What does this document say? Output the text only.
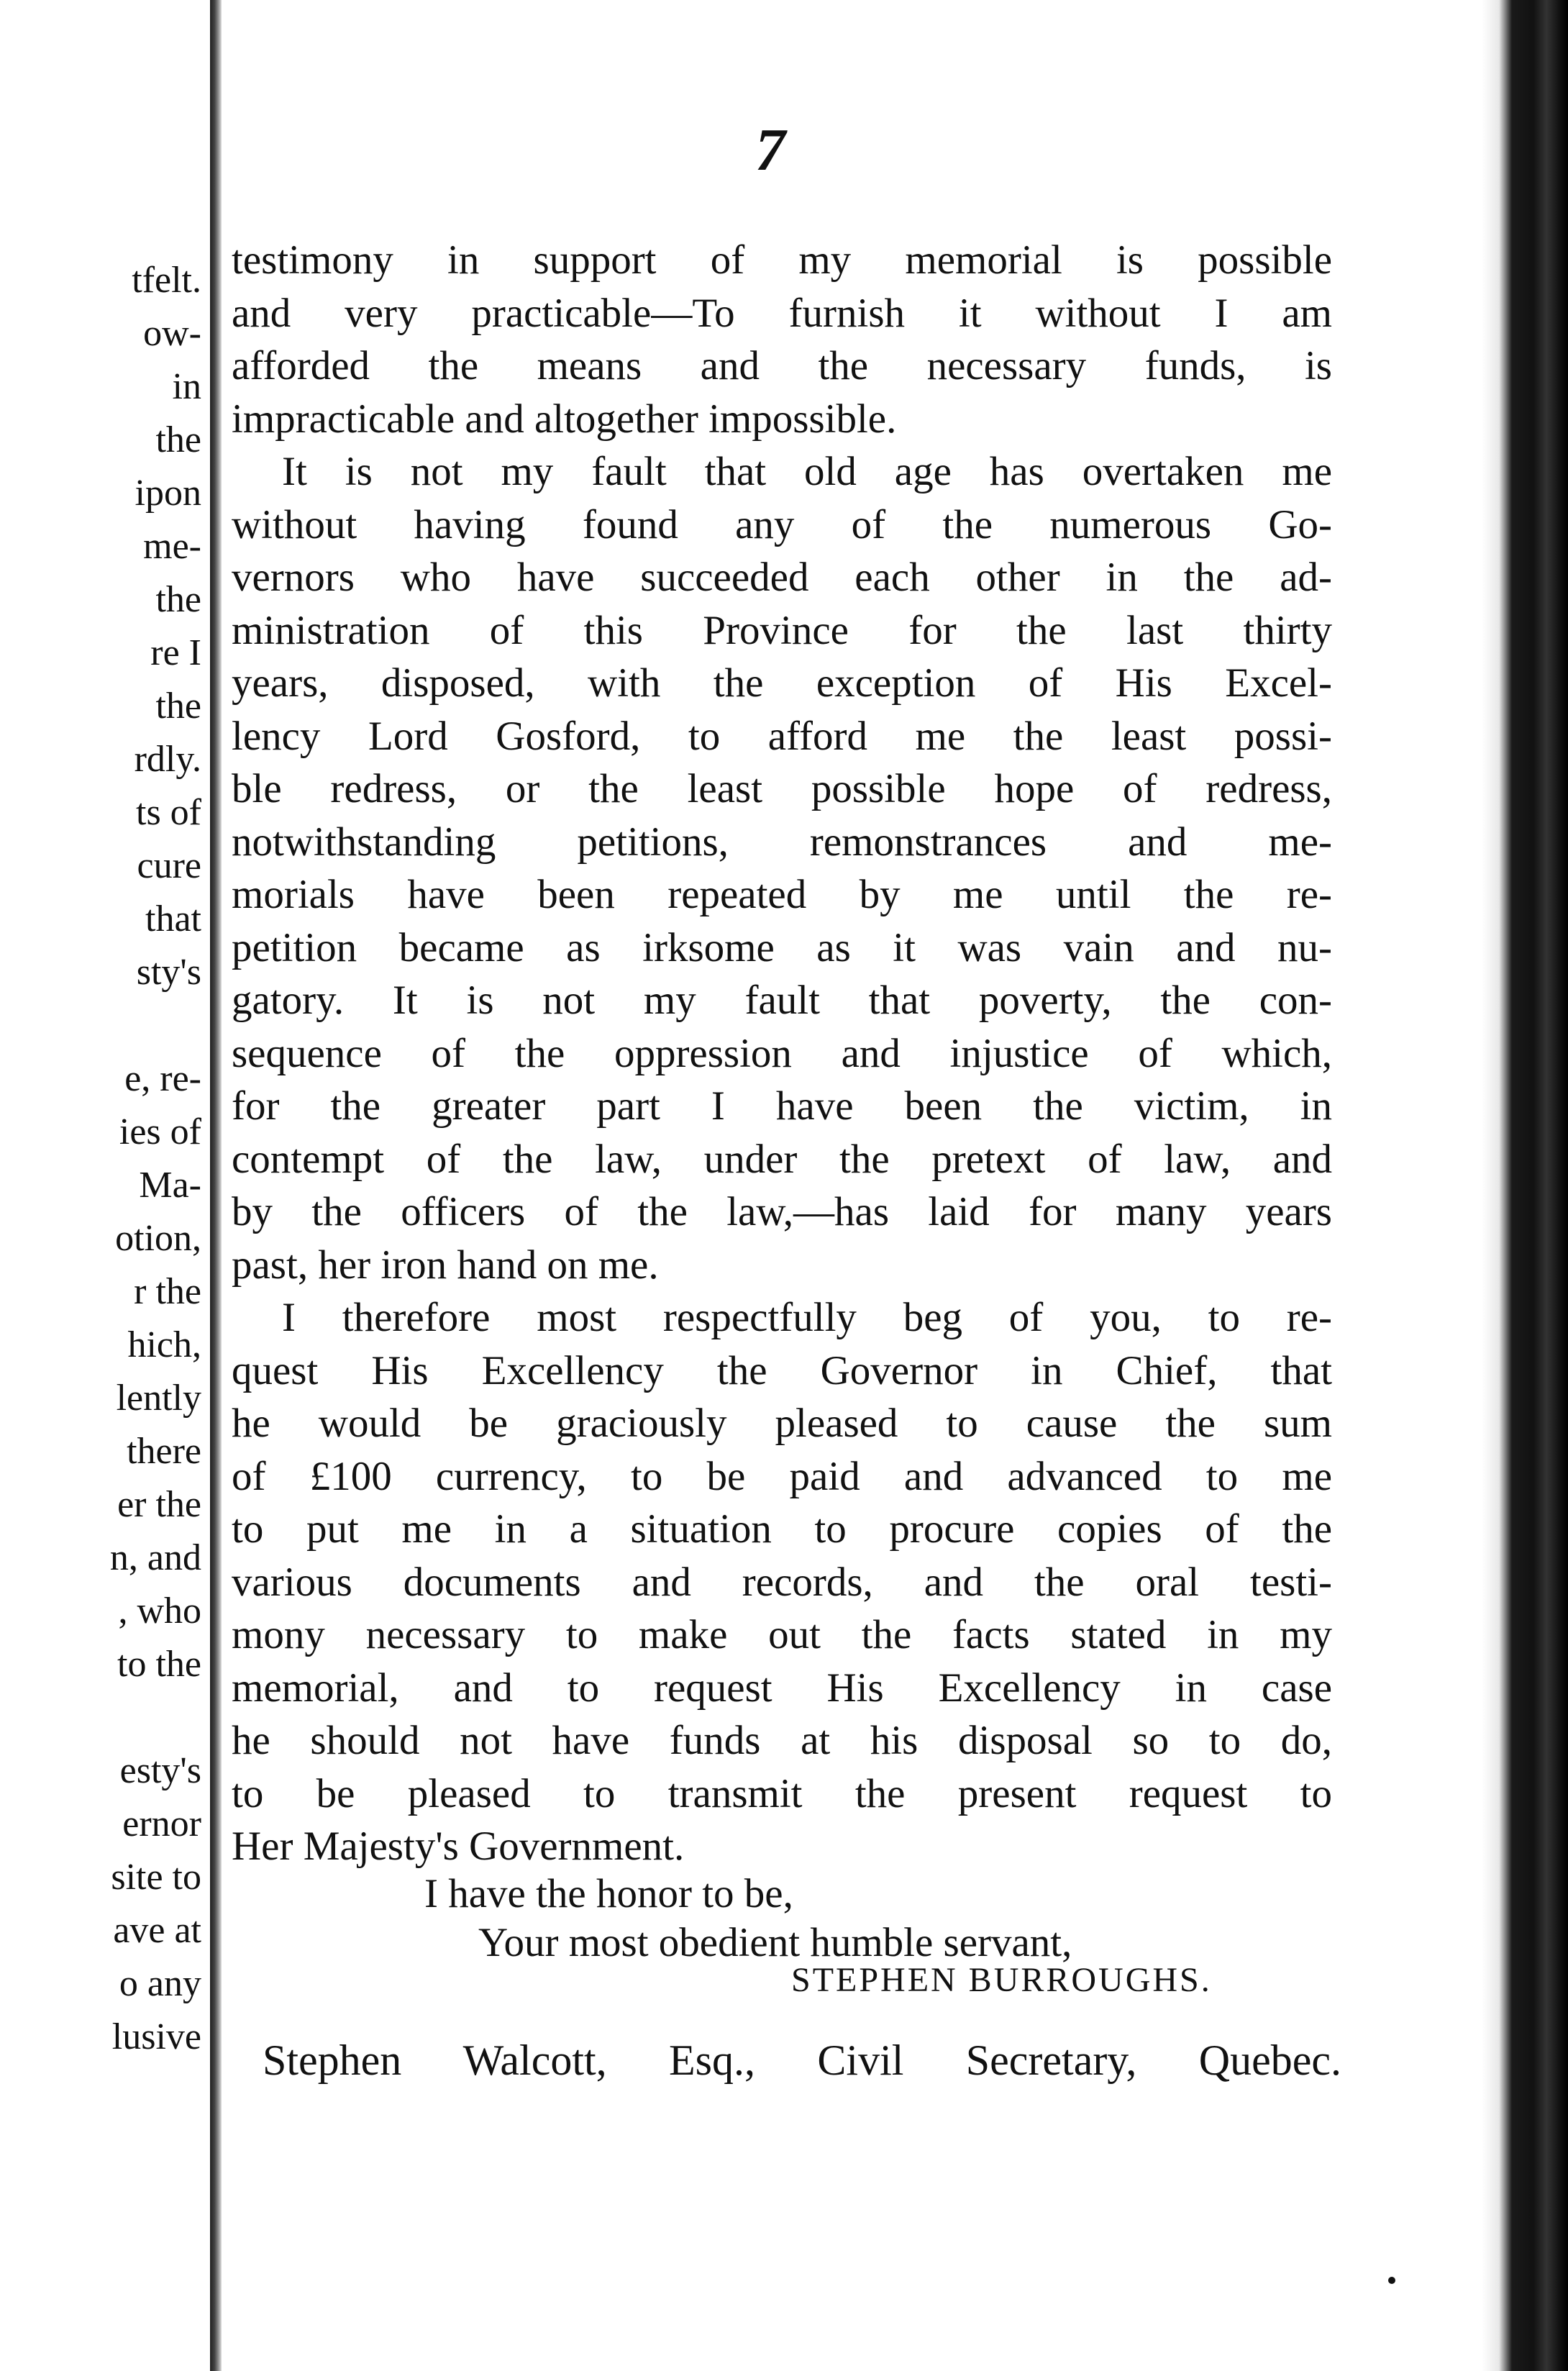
tfelt.
ow-
in
the
ipon
me-
the
re I
the
rdly.
ts of
cure
that
sty's
e, re-
ies of
Ma-
otion,
r the
hich,
lently
there
er the
n, and
, who
to the
esty's
ernor
site to
ave at
o any
lusive
7
testimony in support of my memorial is possible
and very practicable—To furnish it without I am
afforded the means and the necessary funds, is
impracticable and altogether impossible.
It is not my fault that old age has overtaken me
without having found any of the numerous Go-
vernors who have succeeded each other in the ad-
ministration of this Province for the last thirty
years, disposed, with the exception of His Excel-
lency Lord Gosford, to afford me the least possi-
ble redress, or the least possible hope of redress,
notwithstanding petitions, remonstrances and me-
morials have been repeated by me until the re-
petition became as irksome as it was vain and nu-
gatory. It is not my fault that poverty, the con-
sequence of the oppression and injustice of which,
for the greater part I have been the victim, in
contempt of the law, under the pretext of law, and
by the officers of the law,—has laid for many years
past, her iron hand on me.
I therefore most respectfully beg of you, to re-
quest His Excellency the Governor in Chief, that
he would be graciously pleased to cause the sum
of £100 currency, to be paid and advanced to me
to put me in a situation to procure copies of the
various documents and records, and the oral testi-
mony necessary to make out the facts stated in my
memorial, and to request His Excellency in case
he should not have funds at his disposal so to do,
to be pleased to transmit the present request to
Her Majesty's Government.
I have the honor to be,
Your most obedient humble servant,
STEPHEN BURROUGHS.
Stephen Walcott, Esq., Civil Secretary, Quebec.
